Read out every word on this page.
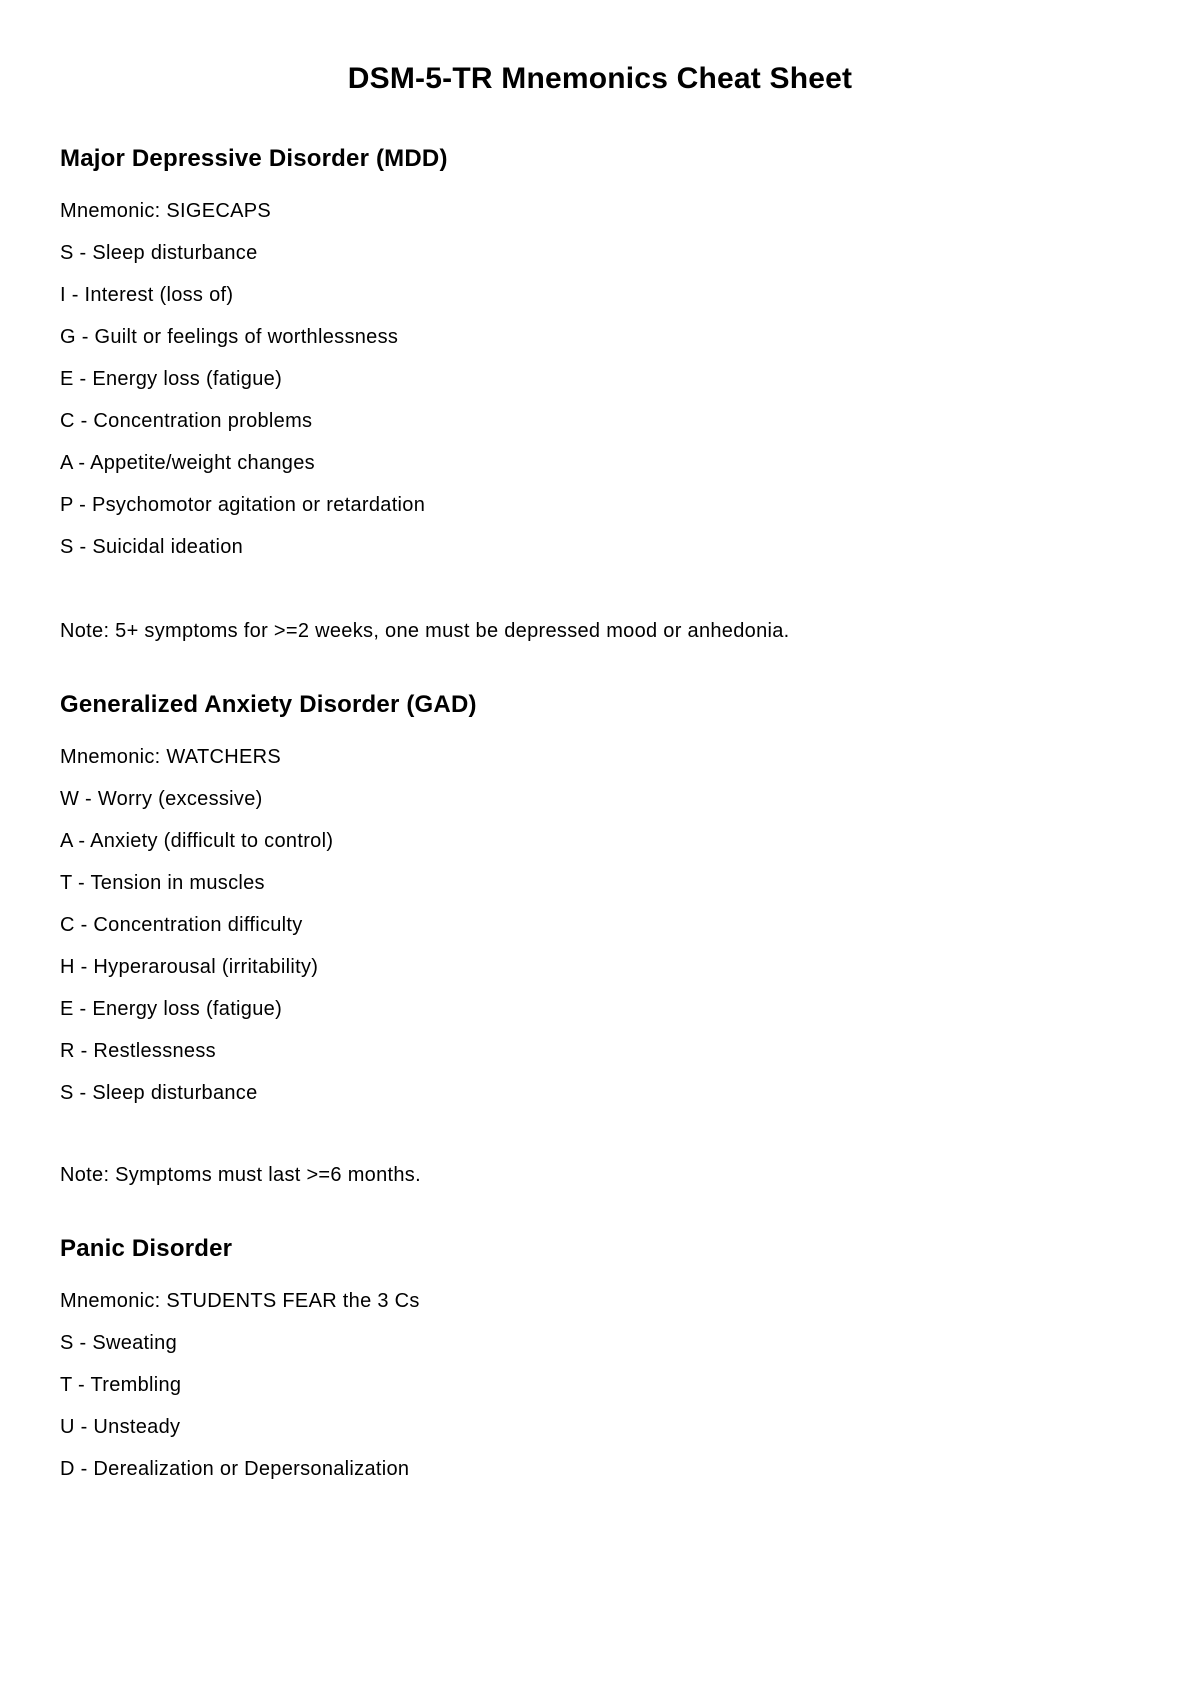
DSM-5-TR Mnemonics Cheat Sheet
Major Depressive Disorder (MDD)

Mnemonic: SIGECAPS

S - Sleep disturbance

I - Interest (loss of)

G - Guilt or feelings of worthlessness

E - Energy loss (fatigue)

C - Concentration problems

A - Appetite/weight changes

P - Psychomotor agitation or retardation

S - Suicidal ideation

Note: 5+ symptoms for >=2 weeks, one must be depressed mood or anhedonia.

Generalized Anxiety Disorder (GAD)

Mnemonic: WATCHERS

W - Worry (excessive)

A - Anxiety (difficult to control)

T - Tension in muscles

C - Concentration difficulty

H - Hyperarousal (irritability)

E - Energy loss (fatigue)

R - Restlessness

S - Sleep disturbance

Note: Symptoms must last >=6 months.

Panic Disorder

Mnemonic: STUDENTS FEAR the 3 Cs

S - Sweating

T - Trembling

U - Unsteady

D - Derealization or Depersonalization
